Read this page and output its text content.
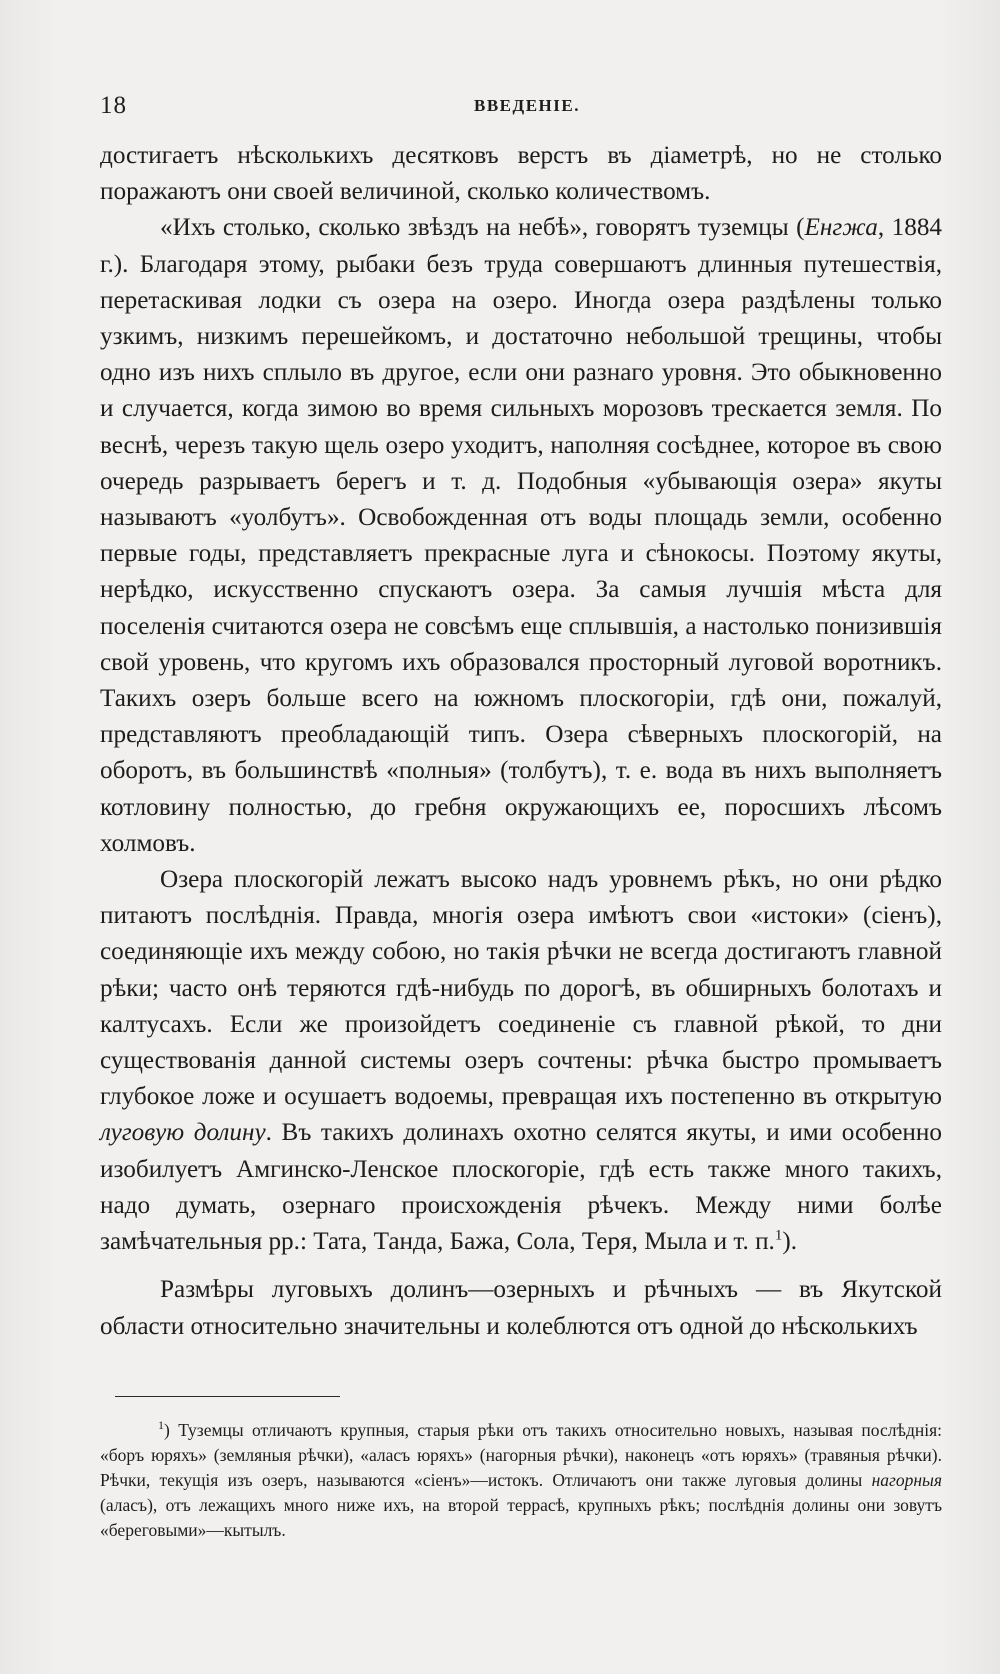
18	ВВЕДЕНІЕ.

достигаетъ нѣсколькихъ десятковъ верстъ въ діаметрѣ, но не столько поражаютъ они своей величиной, сколько количествомъ.

«Ихъ столько, сколько звѣздъ на небѣ», говорятъ туземцы (Енгжа, 1884 г.). Благодаря этому, рыбаки безъ труда совершаютъ длинныя путешествія, перетаскивая лодки съ озера на озеро. Иногда озера раздѣлены только узкимъ, низкимъ перешейкомъ, и достаточно небольшой трещины, чтобы одно изъ нихъ сплыло въ другое, если они разнаго уровня. Это обыкновенно и случается, когда зимою во время сильныхъ морозовъ трескается земля. По веснѣ, черезъ такую щель озеро уходитъ, наполняя сосѣднее, которое въ свою очередь разрываетъ берегъ и т. д. Подобныя «убывающія озера» якуты называютъ «уолбутъ». Освобожденная отъ воды площадь земли, особенно первые годы, представляетъ прекрасные луга и сѣнокосы. Поэтому якуты, нерѣдко, искусственно спускаютъ озера. За самыя лучшія мѣста для поселенія считаются озера не совсѣмъ еще сплывшія, а настолько понизившія свой уровень, что кругомъ ихъ образовался просторный луговой воротникъ. Такихъ озеръ больше всего на южномъ плоскогоріи, гдѣ они, пожалуй, представляютъ преобладающій типъ. Озера сѣверныхъ плоскогорій, на оборотъ, въ большинствѣ «полныя» (толбутъ), т. е. вода въ нихъ выполняетъ котловину полностью, до гребня окружающихъ ее, поросшихъ лѣсомъ холмовъ.

Озера плоскогорій лежатъ высоко надъ уровнемъ рѣкъ, но они рѣдко питаютъ послѣднія. Правда, многія озера имѣютъ свои «истоки» (сіенъ), соединяющіе ихъ между собою, но такія рѣчки не всегда достигаютъ главной рѣки; часто онѣ теряются гдѣ-нибудь по дорогѣ, въ обширныхъ болотахъ и калтусахъ. Если же произойдетъ соединеніе съ главной рѣкой, то дни существованія данной системы озеръ сочтены: рѣчка быстро промываетъ глубокое ложе и осушаетъ водоемы, превращая ихъ постепенно въ открытую луговую долину. Въ такихъ долинахъ охотно селятся якуты, и ими особенно изобилуетъ Амгинско-Ленское плоскогоріе, гдѣ есть также много такихъ, надо думать, озернаго происхожденія рѣчекъ. Между ними болѣе замѣчательныя рр.: Тата, Танда, Бажа, Сола, Теря, Мыла и т. п.$^1$).

Размѣры луговыхъ долинъ—озерныхъ и рѣчныхъ — въ Якутской области относительно значительны и колеблются отъ одной до нѣсколькихъ

$^1$) Туземцы отличаютъ крупныя, старыя рѣки отъ такихъ относительно новыхъ, называя послѣднія: «боръ юряхъ» (земляныя рѣчки), «аласъ юряхъ» (нагорныя рѣчки), наконецъ «отъ юряхъ» (травяныя рѣчки). Рѣчки, текущія изъ озеръ, называются «сіенъ»—истокъ. Отличаютъ они также луговыя долины нагорныя (аласъ), отъ лежащихъ много ниже ихъ, на второй террасѣ, крупныхъ рѣкъ; послѣднія долины они зовутъ «береговыми»—кытылъ.
